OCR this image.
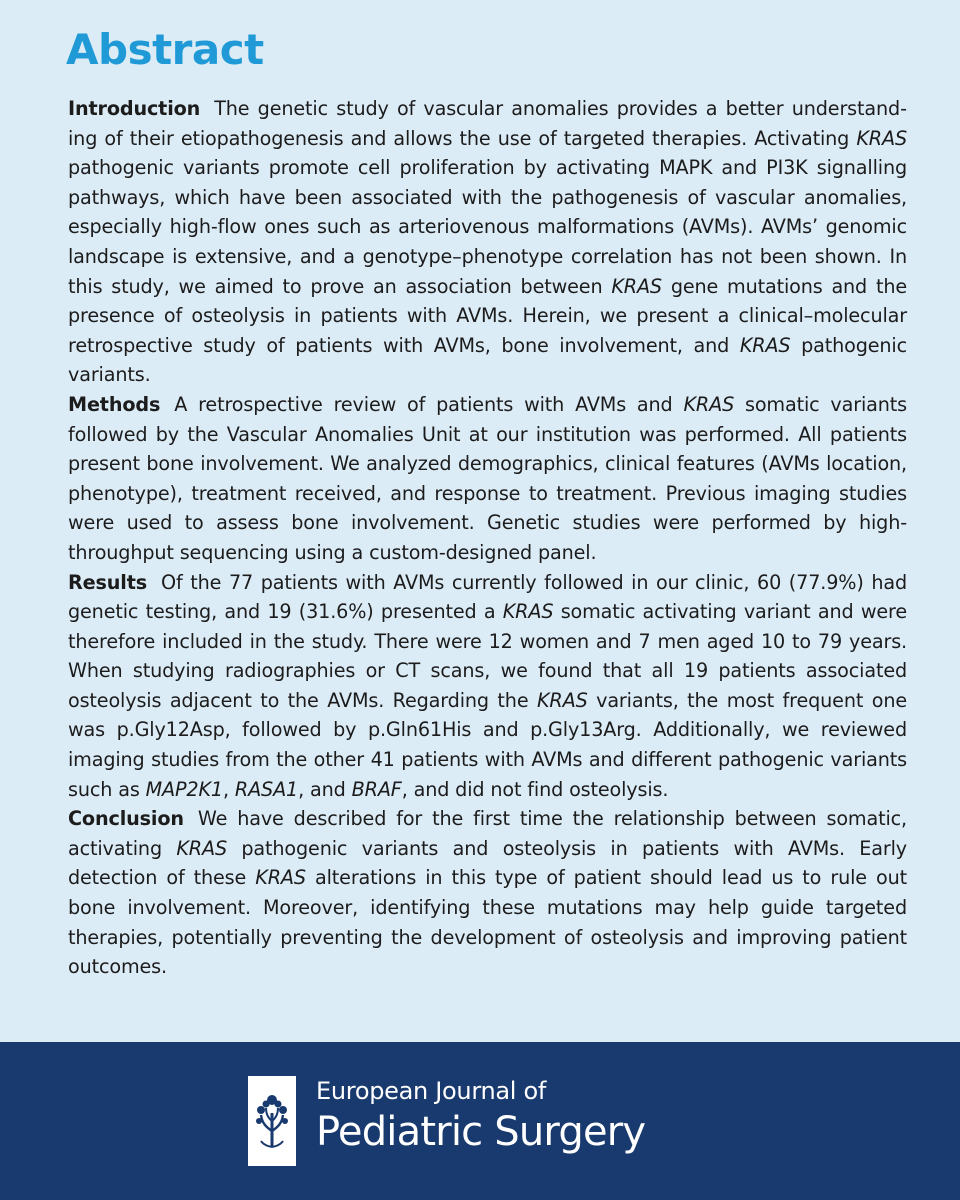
Abstract

Introduction The genetic study of vascular anomalies provides a better understanding of their etiopathogenesis and allows the use of targeted therapies. Activating KRAS pathogenic variants promote cell proliferation by activating MAPK and PI3K signalling pathways, which have been associated with the pathogenesis of vascular anomalies, especially high-flow ones such as arteriovenous malformations (AVMs). AVMs’ genomic landscape is extensive, and a genotype–phenotype correlation has not been shown. In this study, we aimed to prove an association between KRAS gene mutations and the presence of osteolysis in patients with AVMs. Herein, we present a clinical–molecular retrospective study of patients with AVMs, bone involvement, and KRAS pathogenic variants.

Methods A retrospective review of patients with AVMs and KRAS somatic variants followed by the Vascular Anomalies Unit at our institution was performed. All patients present bone involvement. We analyzed demographics, clinical features (AVMs location, phenotype), treatment received, and response to treatment. Previous imaging studies were used to assess bone involvement. Genetic studies were performed by high-throughput sequencing using a custom-designed panel.

Results Of the 77 patients with AVMs currently followed in our clinic, 60 (77.9%) had genetic testing, and 19 (31.6%) presented a KRAS somatic activating variant and were therefore included in the study. There were 12 women and 7 men aged 10 to 79 years. When studying radiographies or CT scans, we found that all 19 patients associated osteolysis adjacent to the AVMs. Regarding the KRAS variants, the most frequent one was p.Gly12Asp, followed by p.Gln61His and p.Gly13Arg. Additionally, we reviewed imaging studies from the other 41 patients with AVMs and different pathogenic variants such as MAP2K1, RASA1, and BRAF, and did not find osteolysis.

Conclusion We have described for the first time the relationship between somatic, activating KRAS pathogenic variants and osteolysis in patients with AVMs. Early detection of these KRAS alterations in this type of patient should lead us to rule out bone involvement. Moreover, identifying these mutations may help guide targeted therapies, potentially preventing the development of osteolysis and improving patient outcomes.

European Journal of
Pediatric Surgery
